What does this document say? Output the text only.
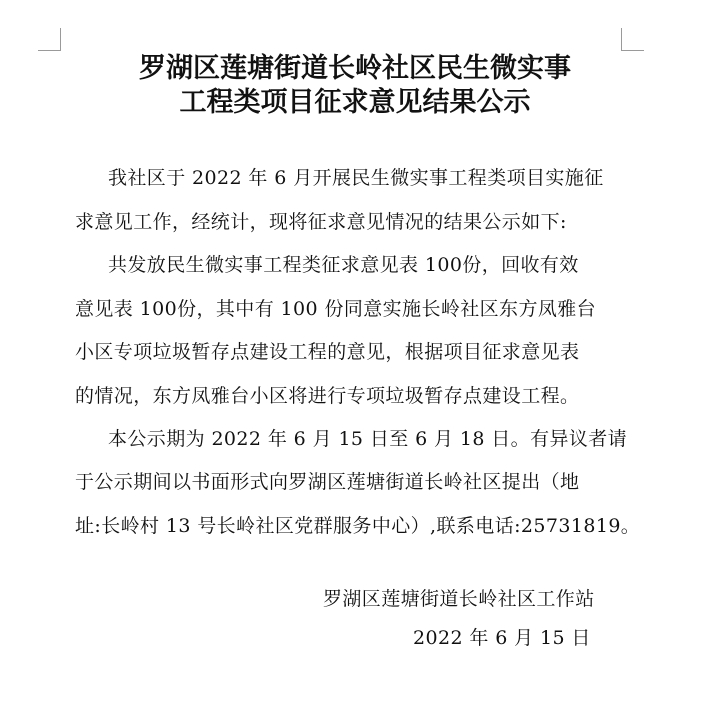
罗湖区莲塘街道长岭社区民生微实事
工程类项目征求意见结果公示
我社区于 2022 年 6 月开展民生微实事工程类项目实施征
求意见工作，经统计，现将征求意见情况的结果公示如下:
共发放民生微实事工程类征求意见表 100份，回收有效
意见表 100份，其中有 100 份同意实施长岭社区东方凤雅台
小区专项垃圾暂存点建设工程的意见，根据项目征求意见表
的情况，东方凤雅台小区将进行专项垃圾暂存点建设工程。
本公示期为 2022 年 6 月 15 日至 6 月 18 日。有异议者请
于公示期间以书面形式向罗湖区莲塘街道长岭社区提出（地
址:长岭村 13 号长岭社区党群服务中心）,联系电话:25731819。
罗湖区莲塘街道长岭社区工作站
2022 年 6 月 15 日
